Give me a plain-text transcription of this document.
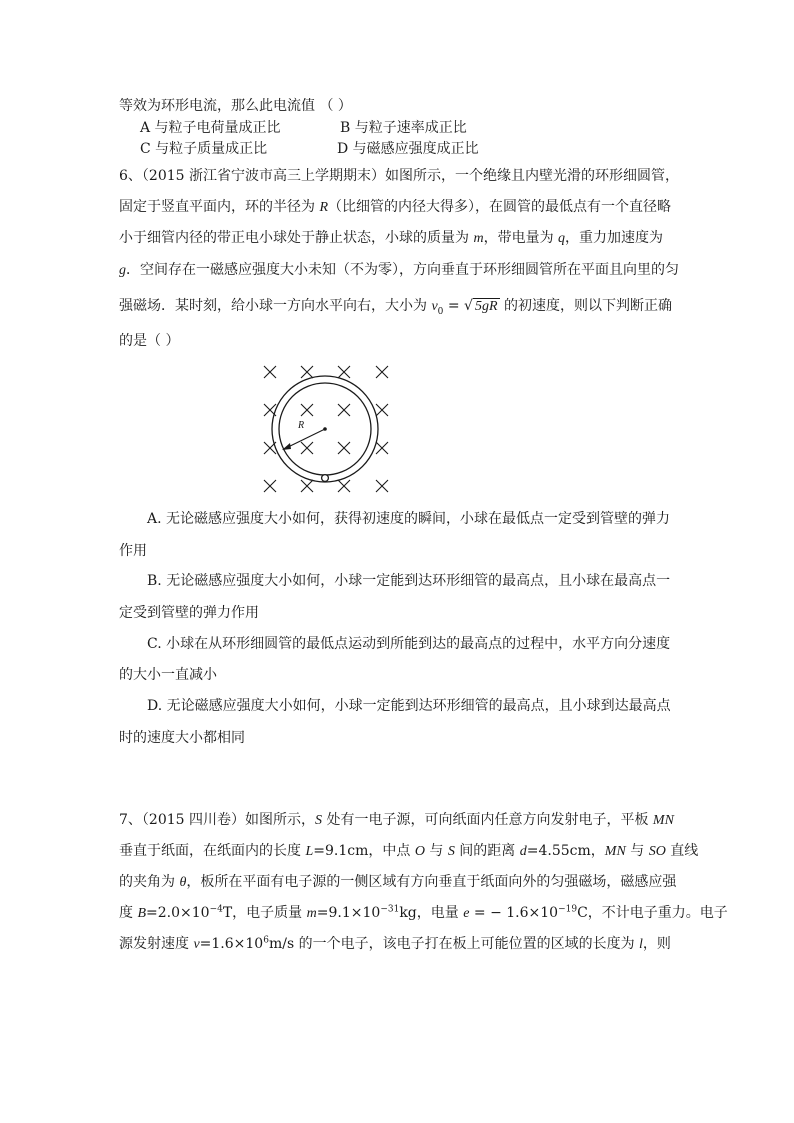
等效为环形电流，那么此电流值 （ ）
A 与粒子电荷量成正比	B 与粒子速率成正比
C 与粒子质量成正比	D 与磁感应强度成正比
6、（2015 浙江省宁波市高三上学期期末）如图所示，一个绝缘且内壁光滑的环形细圆管，
固定于竖直平面内，环的半径为 R（比细管的内径大得多），在圆管的最低点有一个直径略
小于细管内径的带正电小球处于静止状态，小球的质量为 m，带电量为 q，重力加速度为
g．空间存在一磁感应强度大小未知（不为零），方向垂直于环形细圆管所在平面且向里的匀
强磁场．某时刻，给小球一方向水平向右，大小为 $v_0$ = √ 5gR 的初速度，则以下判断正确
的是（ ）
R
A. 无论磁感应强度大小如何，获得初速度的瞬间，小球在最低点一定受到管壁的弹力
作用
B. 无论磁感应强度大小如何，小球一定能到达环形细管的最高点，且小球在最高点一
定受到管壁的弹力作用
C. 小球在从环形细圆管的最低点运动到所能到达的最高点的过程中，水平方向分速度
的大小一直减小
D. 无论磁感应强度大小如何，小球一定能到达环形细管的最高点，且小球到达最高点
时的速度大小都相同
7、（2015 四川卷）如图所示，S 处有一电子源，可向纸面内任意方向发射电子，平板 MN
垂直于纸面，在纸面内的长度 L=9.1cm，中点 O 与 S 间的距离 d=4.55cm，MN 与 SO 直线
的夹角为 θ，板所在平面有电子源的一侧区域有方向垂直于纸面向外的匀强磁场，磁感应强
度 $B=2.0\times 10^{-4}T$，电子质量 $m=9.1\times 10^{-31}kg$，电量 e = − $1.6\times 10^{-19}C$，不计电子重力。电子
源发射速度 $v=1.6\times 10^6m/s$ 的一个电子，该电子打在板上可能位置的区域的长度为 l，则
